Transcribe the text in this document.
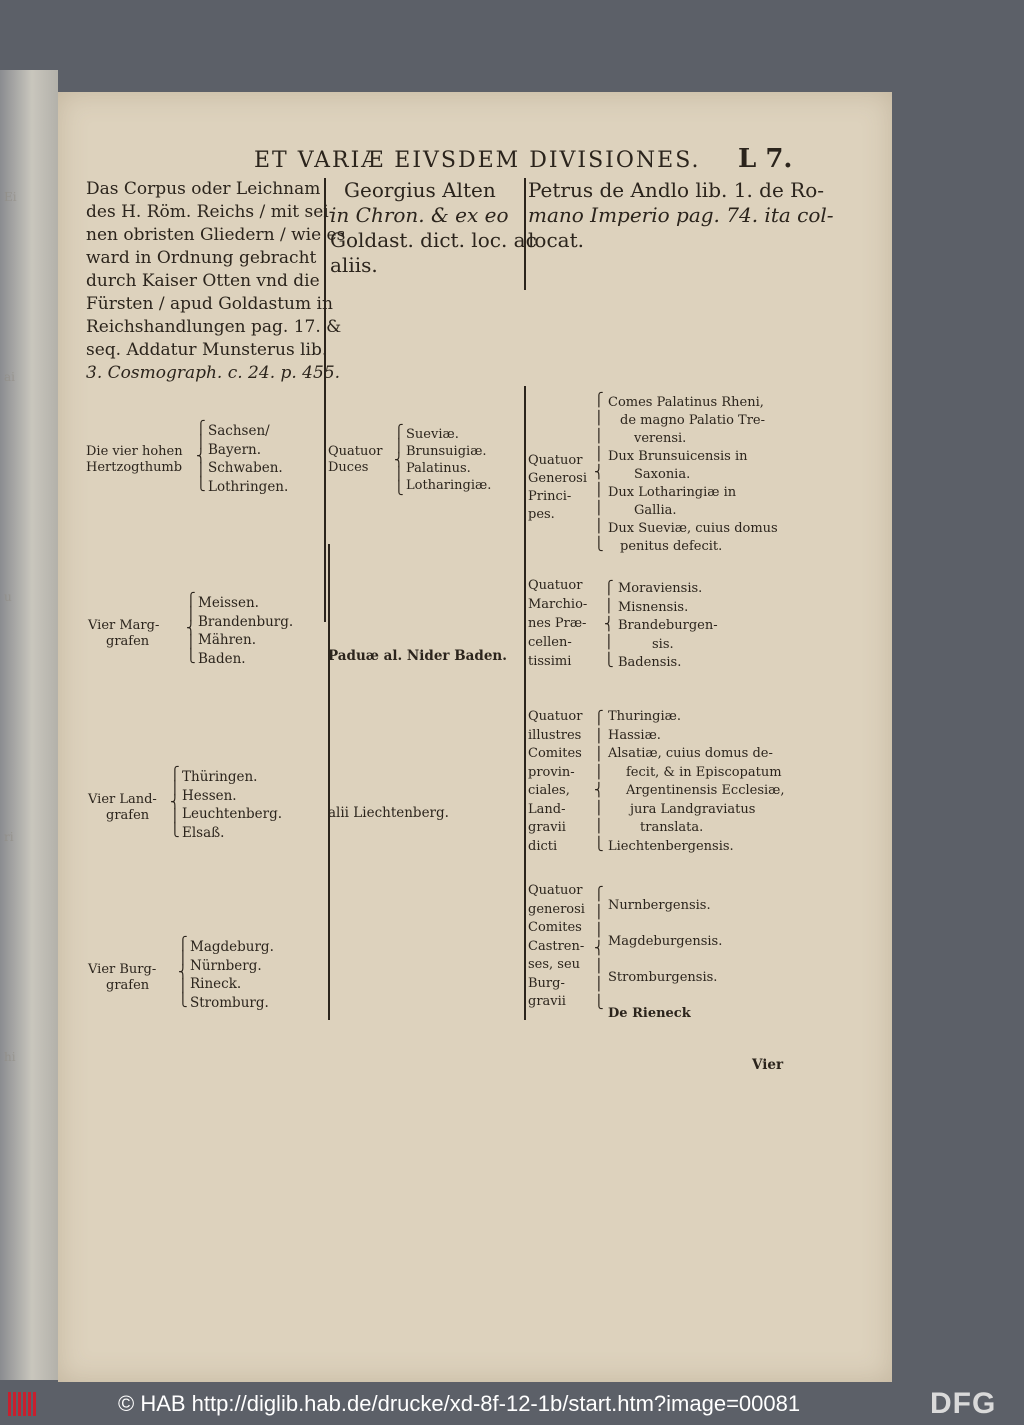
Ei
ai
u
ri
hi
ET VARIÆ EIVSDEM DIVISIONES. L 7.
Das Corpus oder Leichnam
des H. Röm. Reichs / mit sei-
nen obristen Gliedern / wie es
ward in Ordnung gebracht
durch Kaiser Otten vnd die
Fürsten / apud Goldastum in
Reichshandlungen pag. 17. &
seq. Addatur Munsterus lib.
3. Cosmograph. c. 24. p. 455.
Die vier hohen
Hertzogthumb
⎧
⎪
⎨
⎪
⎩
Sachsen/
Bayern.
Schwaben.
Lothringen.
Vier Marg-
grafen
⎧
⎪
⎨
⎪
⎩
Meissen.
Brandenburg.
Mähren.
Baden.
Vier Land-
grafen
⎧
⎪
⎨
⎪
⎩
Thüringen.
Hessen.
Leuchtenberg.
Elsaß.
Vier Burg-
grafen
⎧
⎪
⎨
⎪
⎩
Magdeburg.
Nürnberg.
Rineck.
Stromburg.
Georgius Alten
in Chron. & ex eo
Goldast. dict. loc. ac
aliis.
Quatuor
Duces
⎧
⎪
⎨
⎪
⎩
Sueviæ.
Brunsuigiæ.
Palatinus.
Lotharingiæ.
Paduæ al. Nider Baden.
alii Liechtenberg.
Petrus de Andlo lib. 1. de Ro-
mano Imperio pag. 74. ita col-
locat.
Quatuor
Generosi
Princi-
pes.
⎧
⎪
⎪
⎪
⎨
⎪
⎪
⎪
⎩
Comes Palatinus Rheni,
de magno Palatio Tre-
verensi.
Dux Brunsuicensis in
Saxonia.
Dux Lotharingiæ in
Gallia.
Dux Sueviæ, cuius domus
penitus defecit.
Quatuor
Marchio-
nes Præ-
cellen-
tissimi
⎧
⎪
⎨
⎪
⎩
Moraviensis.
Misnensis.
Brandeburgen-
sis.
Badensis.
Quatuor
illustres
Comites
provin-
ciales,
Land-
gravii
dicti
⎧
⎪
⎪
⎪
⎨
⎪
⎪
⎩
Thuringiæ.
Hassiæ.
Alsatiæ, cuius domus de-
fecit, & in Episcopatum
Argentinensis Ecclesiæ,
jura Landgraviatus
translata.
Liechtenbergensis.
Quatuor
generosi
Comites
Castren-
ses, seu
Burg-
gravii
⎧
⎪
⎪
⎨
⎪
⎪
⎩
Nurnbergensis.
Magdeburgensis.
Stromburgensis.
De Rieneck
Vier
© HAB http://diglib.hab.de/drucke/xd-8f-12-1b/start.htm?image=00081	DFG
